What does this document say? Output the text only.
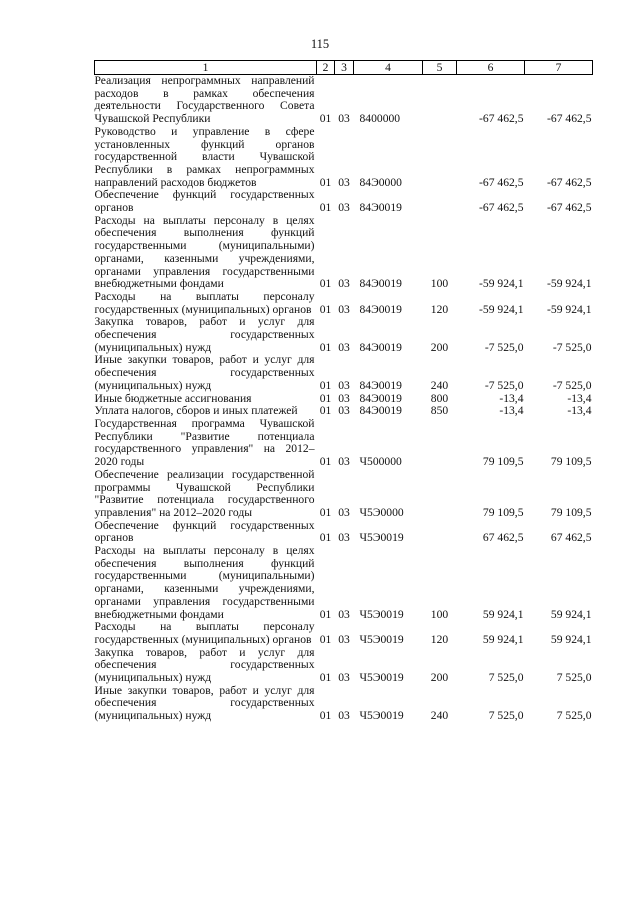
115
1	2	3	4	5	6	7
Реализация непрограммных направлений расходов в рамках обеспечения деятельности Государственного Совета Чувашской Республики	01	03	8400000		-67 462,5	-67 462,5
Руководство и управление в сфере установленных функций органов государственной власти Чувашской Республики в рамках непрограммных направлений расходов бюджетов	01	03	84Э0000		-67 462,5	-67 462,5
Обеспечение функций государственных органов	01	03	84Э0019		-67 462,5	-67 462,5
Расходы на выплаты персоналу в целях обеспечения выполнения функций государственными (муниципальными) органами, казенными учреждениями, органами управления государственными внебюджетными фондами	01	03	84Э0019	100	-59 924,1	-59 924,1
Расходы на выплаты персоналу государственных (муниципальных) органов	01	03	84Э0019	120	-59 924,1	-59 924,1
Закупка товаров, работ и услуг для обеспечения государственных (муниципальных) нужд	01	03	84Э0019	200	-7 525,0	-7 525,0
Иные закупки товаров, работ и услуг для обеспечения государственных (муниципальных) нужд	01	03	84Э0019	240	-7 525,0	-7 525,0
Иные бюджетные ассигнования	01	03	84Э0019	800	-13,4	-13,4
Уплата налогов, сборов и иных платежей	01	03	84Э0019	850	-13,4	-13,4
Государственная программа Чувашской Республики "Развитие потенциала государственного управления" на 2012–2020 годы	01	03	Ч500000		79 109,5	79 109,5
Обеспечение реализации государственной программы Чувашской Республики "Развитие потенциала государственного управления" на 2012–2020 годы	01	03	Ч5Э0000		79 109,5	79 109,5
Обеспечение функций государственных органов	01	03	Ч5Э0019		67 462,5	67 462,5
Расходы на выплаты персоналу в целях обеспечения выполнения функций государственными (муниципальными) органами, казенными учреждениями, органами управления государственными внебюджетными фондами	01	03	Ч5Э0019	100	59 924,1	59 924,1
Расходы на выплаты персоналу государственных (муниципальных) органов	01	03	Ч5Э0019	120	59 924,1	59 924,1
Закупка товаров, работ и услуг для обеспечения государственных (муниципальных) нужд	01	03	Ч5Э0019	200	7 525,0	7 525,0
Иные закупки товаров, работ и услуг для обеспечения государственных (муниципальных) нужд	01	03	Ч5Э0019	240	7 525,0	7 525,0
